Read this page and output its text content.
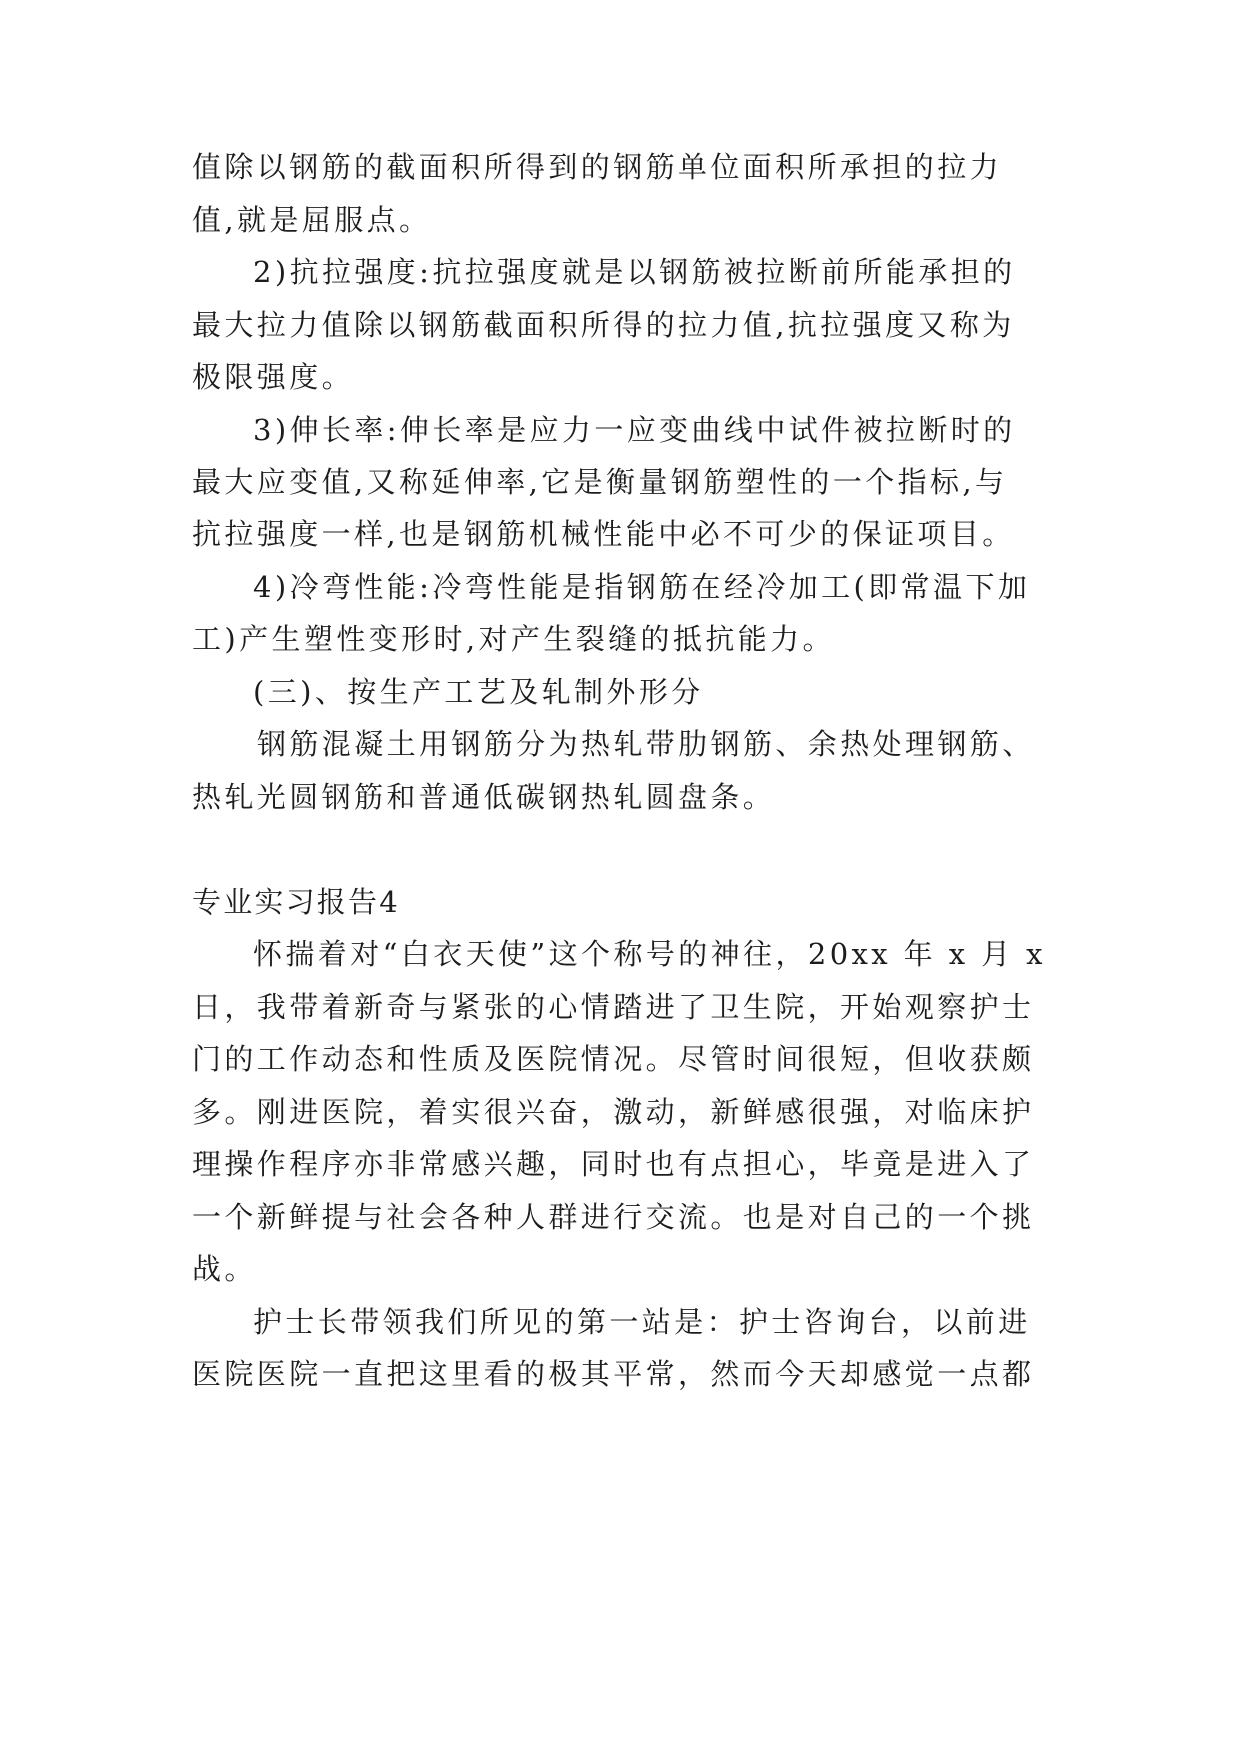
值除以钢筋的截面积所得到的钢筋单位面积所承担的拉力
值,就是屈服点。
2)抗拉强度:抗拉强度就是以钢筋被拉断前所能承担的
最大拉力值除以钢筋截面积所得的拉力值,抗拉强度又称为
极限强度。
3)伸长率:伸长率是应力一应变曲线中试件被拉断时的
最大应变值,又称延伸率,它是衡量钢筋塑性的一个指标,与
抗拉强度一样,也是钢筋机械性能中必不可少的保证项目。
4)冷弯性能:冷弯性能是指钢筋在经冷加工(即常温下加
工)产生塑性变形时,对产生裂缝的抵抗能力。
(三)、按生产工艺及轧制外形分
钢筋混凝土用钢筋分为热轧带肋钢筋、余热处理钢筋、
热轧光圆钢筋和普通低碳钢热轧圆盘条。
专业实习报告4
怀揣着对“白衣天使”这个称号的神往，20xx 年 x 月 x
日，我带着新奇与紧张的心情踏进了卫生院，开始观察护士
门的工作动态和性质及医院情况。尽管时间很短，但收获颇
多。刚进医院，着实很兴奋，激动，新鲜感很强，对临床护
理操作程序亦非常感兴趣，同时也有点担心，毕竟是进入了
一个新鲜提与社会各种人群进行交流。也是对自己的一个挑
战。
护士长带领我们所见的第一站是：护士咨询台，以前进
医院医院一直把这里看的极其平常，然而今天却感觉一点都
